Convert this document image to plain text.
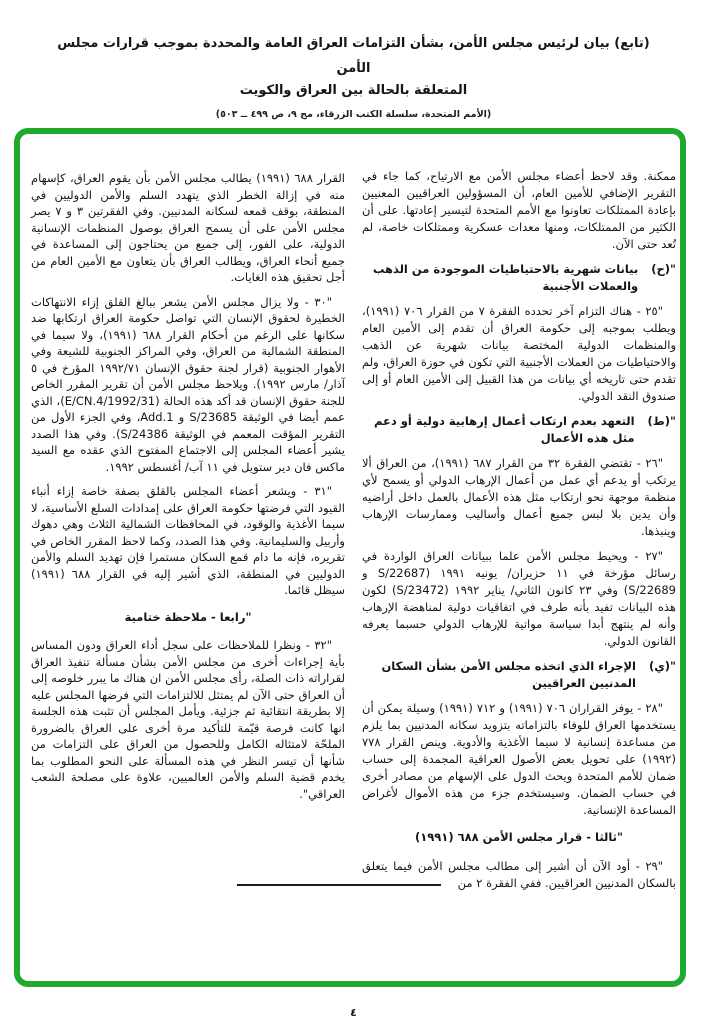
(تابع) بيان لرئيس مجلس الأمن، بشأن التزامات العراق العامة والمحددة بموجب قرارات مجلس الأمن
المتعلقة بالحالة بين العراق والكويت
(الأمم المتحدة، سلسلة الكتب الزرقاء، مج ٩، ص ٤٩٩ ــ ٥٠٣)

ممكنة. وقد لاحظ أعضاء مجلس الأمن مع الارتياح، كما جاء في التقرير الإضافي للأمين العام، أن المسؤولين العراقيين المعنيين بإعادة الممتلكات تعاونوا مع الأمم المتحدة لتيسير إعادتها. على أن الكثير من الممتلكات، ومنها معدات عسكرية وممتلكات خاصة، لم تُعد حتى الآن.

"(ح)
بيانات شهرية بالاحتياطيات الموجودة من الذهب والعملات الأجنبية

"٢٥ - هناك التزام آخر تحدده الفقرة ٧ من القرار ٧٠٦ (١٩٩١)، ويطلب بموجبه إلى حكومة العراق أن تقدم إلى الأمين العام والمنظمات الدولية المختصة بيانات شهرية عن الذهب والاحتياطيات من العملات الأجنبية التي تكون في حوزة العراق، ولم تقدم حتى تاريخه أي بيانات من هذا القبيل إلى الأمين العام أو إلى صندوق النقد الدولي.

"(ط)
التعهد بعدم ارتكاب أعمال إرهابية دولية أو دعم مثل هذه الأعمال

"٢٦ - تقتضي الفقرة ٣٢ من القرار ٦٨٧ (١٩٩١)، من العراق ألا يرتكب أو يدعم أي عمل من أعمال الإرهاب الدولي أو يسمح لأي منظمة موجهة نحو ارتكاب مثل هذه الأعمال بالعمل داخل أراضيه وأن يدين بلا لبس جميع أعمال وأساليب وممارسات الإرهاب وينبذها.

"٢٧ - ويحيط مجلس الأمن علما ببيانات العراق الواردة في رسائل مؤرخة في ١١ حزيران/ يونيه ١٩٩١ (S/22687 و S/22689) وفي ٢٣ كانون الثاني/ يناير ١٩٩٢ (S/23472) لكون هذه البيانات تفيد بأنه طرف في اتفاقيات دولية لمناهضة الإرهاب وأنه لم ينتهج أبدا سياسة مواتية للإرهاب الدولي حسبما يعرفه القانون الدولي.

"(ي)
الإجراء الذي اتخذه مجلس الأمن بشأن السكان المدنيين العراقيين

"٢٨ - يوفر القراران ٧٠٦ (١٩٩١) و ٧١٢ (١٩٩١) وسيلة يمكن أن يستخدمها العراق للوفاء بالتزاماته بتزويد سكانه المدنيين بما يلزم من مساعدة إنسانية لا سيما الأغذية والأدوية. وينص القرار ٧٧٨ (١٩٩٢) على تحويل بعض الأصول العراقية المجمدة إلى حساب ضمان للأمم المتحدة ويحث الدول على الإسهام من مصادر أخرى في حساب الضمان. وسيستخدم جزء من هذه الأموال لأغراض المساعدة الإنسانية.

"ثالثا - قرار مجلس الأمن ٦٨٨ (١٩٩١)

"٢٩ - أود الآن أن أشير إلى مطالب مجلس الأمن فيما يتعلق بالسكان المدنيين العراقيين. ففي الفقرة ٢ من

القرار ٦٨٨ (١٩٩١) يطالب مجلس الأمن بأن يقوم العراق، كإسهام منه في إزالة الخطر الذي يتهدد السلم والأمن الدوليين في المنطقة، بوقف قمعه لسكانه المدنيين. وفي الفقرتين ٣ و ٧ يصر مجلس الأمن على أن يسمح العراق بوصول المنظمات الإنسانية الدولية، على الفور، إلى جميع من يحتاجون إلى المساعدة في جميع أنحاء العراق، ويطالب العراق بأن يتعاون مع الأمين العام من أجل تحقيق هذه الغايات.

"٣٠ - ولا يزال مجلس الأمن يشعر ببالغ القلق إزاء الانتهاكات الخطيرة لحقوق الإنسان التي تواصل حكومة العراق ارتكابها ضد سكانها على الرغم من أحكام القرار ٦٨٨ (١٩٩١)، ولا سيما في المنطقة الشمالية من العراق، وفي المراكز الجنوبية للشيعة وفي الأهوار الجنوبية (قرار لجنة حقوق الإنسان ١٩٩٢/٧١ المؤرخ في ٥ آذار/ مارس ١٩٩٢). ويلاحظ مجلس الأمن أن تقرير المقرر الخاص للجنة حقوق الإنسان قد أكد هذه الحالة (E/CN.4/1992/31)، الذي عمم أيضا في الوثيقة S/23685 و Add.1، وفي الجزء الأول من التقرير المؤقت المعمم في الوثيقة S/24386). وفي هذا الصدد يشير أعضاء المجلس إلى الاجتماع المفتوح الذي عقده مع السيد ماكس فان دير ستويل في ١١ آب/ أغسطس ١٩٩٢.

"٣١ - ويشعر أعضاء المجلس بالقلق بصفة خاصة إزاء أنباء القيود التي فرضتها حكومة العراق على إمدادات السلع الأساسية، لا سيما الأغذية والوقود، في المحافظات الشمالية الثلاث وهي دهوك وأربيل والسليمانية. وفي هذا الصدد، وكما لاحظ المقرر الخاص في تقريره، فإنه ما دام قمع السكان مستمرا فإن تهديد السلم والأمن الدوليين في المنطقة، الذي أشير إليه في القرار ٦٨٨ (١٩٩١) سيظل قائما.

"رابعا - ملاحظة ختامية

"٣٢ - ونظرا للملاحظات على سجل أداء العراق ودون المساس بأية إجراءات أخرى من مجلس الأمن بشأن مسألة تنفيذ العراق لقراراته ذات الصلة، رأى مجلس الأمن ان هناك ما يبرر خلوصه إلى أن العراق حتى الآن لم يمتثل للالتزامات التي فرضها المجلس عليه إلا بطريقة انتقائية ثم جزئية. ويأمل المجلس أن تثبت هذه الجلسة انها كانت فرصة قيّمة للتأكيد مرة أخرى على العراق بالضرورة الملحّة لامتثاله الكامل وللحصول من العراق على التزامات من شأنها أن تيسر النظر في هذه المسألة على النحو المطلوب بما يخدم قضية السلم والأمن العالميين، علاوة على مصلحة الشعب العراقي".

٤
